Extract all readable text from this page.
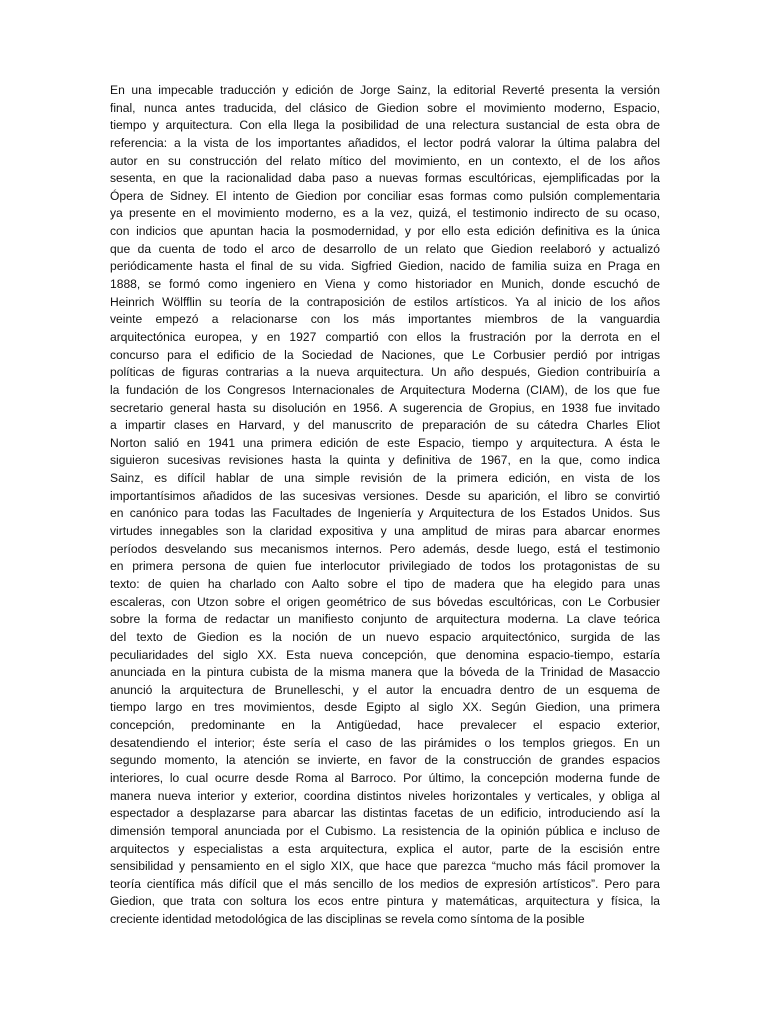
En una impecable traducción y edición de Jorge Sainz, la editorial Reverté presenta la versión
final, nunca antes traducida, del clásico de Giedion sobre el movimiento moderno, Espacio,
tiempo y arquitectura. Con ella llega la posibilidad de una relectura sustancial de esta obra de
referencia: a la vista de los importantes añadidos, el lector podrá valorar la última palabra del
autor en su construcción del relato mítico del movimiento, en un contexto, el de los años
sesenta, en que la racionalidad daba paso a nuevas formas escultóricas, ejemplificadas por la
Ópera de Sidney. El intento de Giedion por conciliar esas formas como pulsión complementaria
ya presente en el movimiento moderno, es a la vez, quizá, el testimonio indirecto de su ocaso,
con indicios que apuntan hacia la posmodernidad, y por ello esta edición definitiva es la única
que da cuenta de todo el arco de desarrollo de un relato que Giedion reelaboró y actualizó
periódicamente hasta el final de su vida. Sigfried Giedion, nacido de familia suiza en Praga en
1888, se formó como ingeniero en Viena y como historiador en Munich, donde escuchó de
Heinrich Wölfflin su teoría de la contraposición de estilos artísticos. Ya al inicio de los años
veinte empezó a relacionarse con los más importantes miembros de la vanguardia
arquitectónica europea, y en 1927 compartió con ellos la frustración por la derrota en el
concurso para el edificio de la Sociedad de Naciones, que Le Corbusier perdió por intrigas
políticas de figuras contrarias a la nueva arquitectura. Un año después, Giedion contribuiría a
la fundación de los Congresos Internacionales de Arquitectura Moderna (CIAM), de los que fue
secretario general hasta su disolución en 1956. A sugerencia de Gropius, en 1938 fue invitado
a impartir clases en Harvard, y del manuscrito de preparación de su cátedra Charles Eliot
Norton salió en 1941 una primera edición de este Espacio, tiempo y arquitectura. A ésta le
siguieron sucesivas revisiones hasta la quinta y definitiva de 1967, en la que, como indica
Sainz, es difícil hablar de una simple revisión de la primera edición, en vista de los
importantísimos añadidos de las sucesivas versiones. Desde su aparición, el libro se convirtió
en canónico para todas las Facultades de Ingeniería y Arquitectura de los Estados Unidos. Sus
virtudes innegables son la claridad expositiva y una amplitud de miras para abarcar enormes
períodos desvelando sus mecanismos internos. Pero además, desde luego, está el testimonio
en primera persona de quien fue interlocutor privilegiado de todos los protagonistas de su
texto: de quien ha charlado con Aalto sobre el tipo de madera que ha elegido para unas
escaleras, con Utzon sobre el origen geométrico de sus bóvedas escultóricas, con Le Corbusier
sobre la forma de redactar un manifiesto conjunto de arquitectura moderna. La clave teórica
del texto de Giedion es la noción de un nuevo espacio arquitectónico, surgida de las
peculiaridades del siglo XX. Esta nueva concepción, que denomina espacio-tiempo, estaría
anunciada en la pintura cubista de la misma manera que la bóveda de la Trinidad de Masaccio
anunció la arquitectura de Brunelleschi, y el autor la encuadra dentro de un esquema de
tiempo largo en tres movimientos, desde Egipto al siglo XX. Según Giedion, una primera
concepción, predominante en la Antigüedad, hace prevalecer el espacio exterior,
desatendiendo el interior; éste sería el caso de las pirámides o los templos griegos. En un
segundo momento, la atención se invierte, en favor de la construcción de grandes espacios
interiores, lo cual ocurre desde Roma al Barroco. Por último, la concepción moderna funde de
manera nueva interior y exterior, coordina distintos niveles horizontales y verticales, y obliga al
espectador a desplazarse para abarcar las distintas facetas de un edificio, introduciendo así la
dimensión temporal anunciada por el Cubismo. La resistencia de la opinión pública e incluso de
arquitectos y especialistas a esta arquitectura, explica el autor, parte de la escisión entre
sensibilidad y pensamiento en el siglo XIX, que hace que parezca “mucho más fácil promover la
teoría científica más difícil que el más sencillo de los medios de expresión artísticos”. Pero para
Giedion, que trata con soltura los ecos entre pintura y matemáticas, arquitectura y física, la
creciente identidad metodológica de las disciplinas se revela como síntoma de la posible
